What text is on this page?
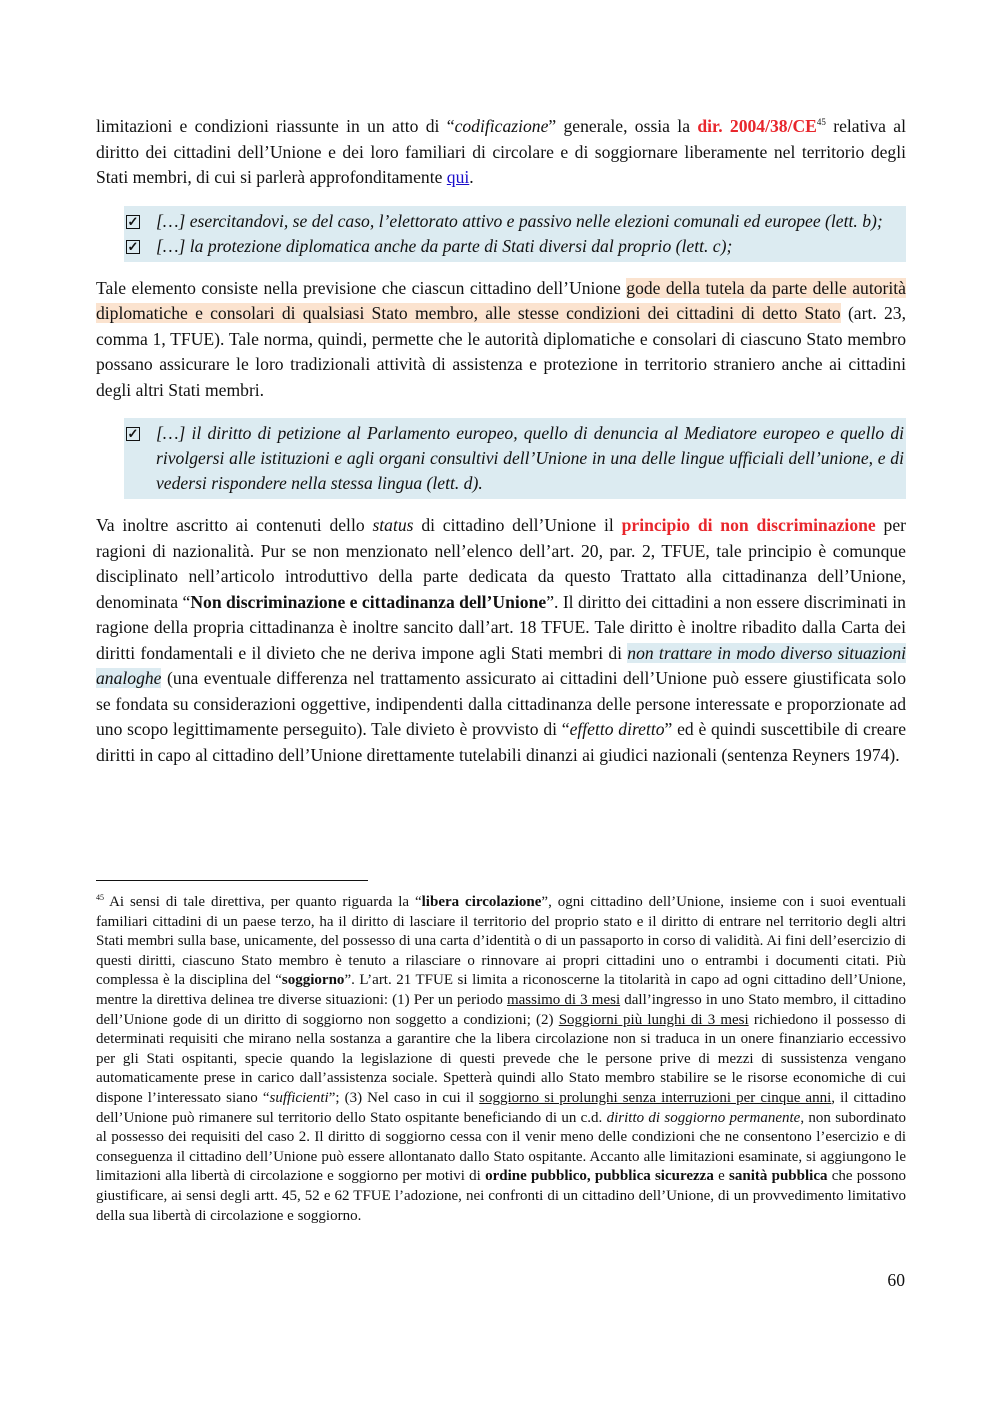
limitazioni e condizioni riassunte in un atto di “codificazione” generale, ossia la dir. 2004/38/CE$^{45}$ relativa al diritto dei cittadini dell’Unione e dei loro familiari di circolare e di soggiornare liberamente nel territorio degli Stati membri, di cui si parlerà approfonditamente qui.

✓ […] esercitandovi, se del caso, l’elettorato attivo e passivo nelle elezioni comunali ed europee (lett. b);
✓ […] la protezione diplomatica anche da parte di Stati diversi dal proprio (lett. c);

Tale elemento consiste nella previsione che ciascun cittadino dell’Unione gode della tutela da parte delle autorità diplomatiche e consolari di qualsiasi Stato membro, alle stesse condizioni dei cittadini di detto Stato (art. 23, comma 1, TFUE). Tale norma, quindi, permette che le autorità diplomatiche e consolari di ciascuno Stato membro possano assicurare le loro tradizionali attività di assistenza e protezione in territorio straniero anche ai cittadini degli altri Stati membri.

✓ […] il diritto di petizione al Parlamento europeo, quello di denuncia al Mediatore europeo e quello di rivolgersi alle istituzioni e agli organi consultivi dell’Unione in una delle lingue ufficiali dell’unione, e di vedersi rispondere nella stessa lingua (lett. d).

Va inoltre ascritto ai contenuti dello status di cittadino dell’Unione il principio di non discriminazione per ragioni di nazionalità. Pur se non menzionato nell’elenco dell’art. 20, par. 2, TFUE, tale principio è comunque disciplinato nell’articolo introduttivo della parte dedicata da questo Trattato alla cittadinanza dell’Unione, denominata “Non discriminazione e cittadinanza dell’Unione”. Il diritto dei cittadini a non essere discriminati in ragione della propria cittadinanza è inoltre sancito dall’art. 18 TFUE. Tale diritto è inoltre ribadito dalla Carta dei diritti fondamentali e il divieto che ne deriva impone agli Stati membri di non trattare in modo diverso situazioni analoghe (una eventuale differenza nel trattamento assicurato ai cittadini dell’Unione può essere giustificata solo se fondata su considerazioni oggettive, indipendenti dalla cittadinanza delle persone interessate e proporzionate ad uno scopo legittimamente perseguito). Tale divieto è provvisto di “effetto diretto” ed è quindi suscettibile di creare diritti in capo al cittadino dell’Unione direttamente tutelabili dinanzi ai giudici nazionali (sentenza Reyners 1974).

$^{45}$ Ai sensi di tale direttiva, per quanto riguarda la “libera circolazione”, ogni cittadino dell’Unione, insieme con i suoi eventuali familiari cittadini di un paese terzo, ha il diritto di lasciare il territorio del proprio stato e il diritto di entrare nel territorio degli altri Stati membri sulla base, unicamente, del possesso di una carta d’identità o di un passaporto in corso di validità. Ai fini dell’esercizio di questi diritti, ciascuno Stato membro è tenuto a rilasciare o rinnovare ai propri cittadini uno o entrambi i documenti citati. Più complessa è la disciplina del “soggiorno”. L’art. 21 TFUE si limita a riconoscerne la titolarità in capo ad ogni cittadino dell’Unione, mentre la direttiva delinea tre diverse situazioni: (1) Per un periodo massimo di 3 mesi dall’ingresso in uno Stato membro, il cittadino dell’Unione gode di un diritto di soggiorno non soggetto a condizioni; (2) Soggiorni più lunghi di 3 mesi richiedono il possesso di determinati requisiti che mirano nella sostanza a garantire che la libera circolazione non si traduca in un onere finanziario eccessivo per gli Stati ospitanti, specie quando la legislazione di questi prevede che le persone prive di mezzi di sussistenza vengano automaticamente prese in carico dall’assistenza sociale. Spetterà quindi allo Stato membro stabilire se le risorse economiche di cui dispone l’interessato siano “sufficienti”; (3) Nel caso in cui il soggiorno si prolunghi senza interruzioni per cinque anni, il cittadino dell’Unione può rimanere sul territorio dello Stato ospitante beneficiando di un c.d. diritto di soggiorno permanente, non subordinato al possesso dei requisiti del caso 2. Il diritto di soggiorno cessa con il venir meno delle condizioni che ne consentono l’esercizio e di conseguenza il cittadino dell’Unione può essere allontanato dallo Stato ospitante. Accanto alle limitazioni esaminate, si aggiungono le limitazioni alla libertà di circolazione e soggiorno per motivi di ordine pubblico, pubblica sicurezza e sanità pubblica che possono giustificare, ai sensi degli artt. 45, 52 e 62 TFUE l’adozione, nei confronti di un cittadino dell’Unione, di un provvedimento limitativo della sua libertà di circolazione e soggiorno.

60
